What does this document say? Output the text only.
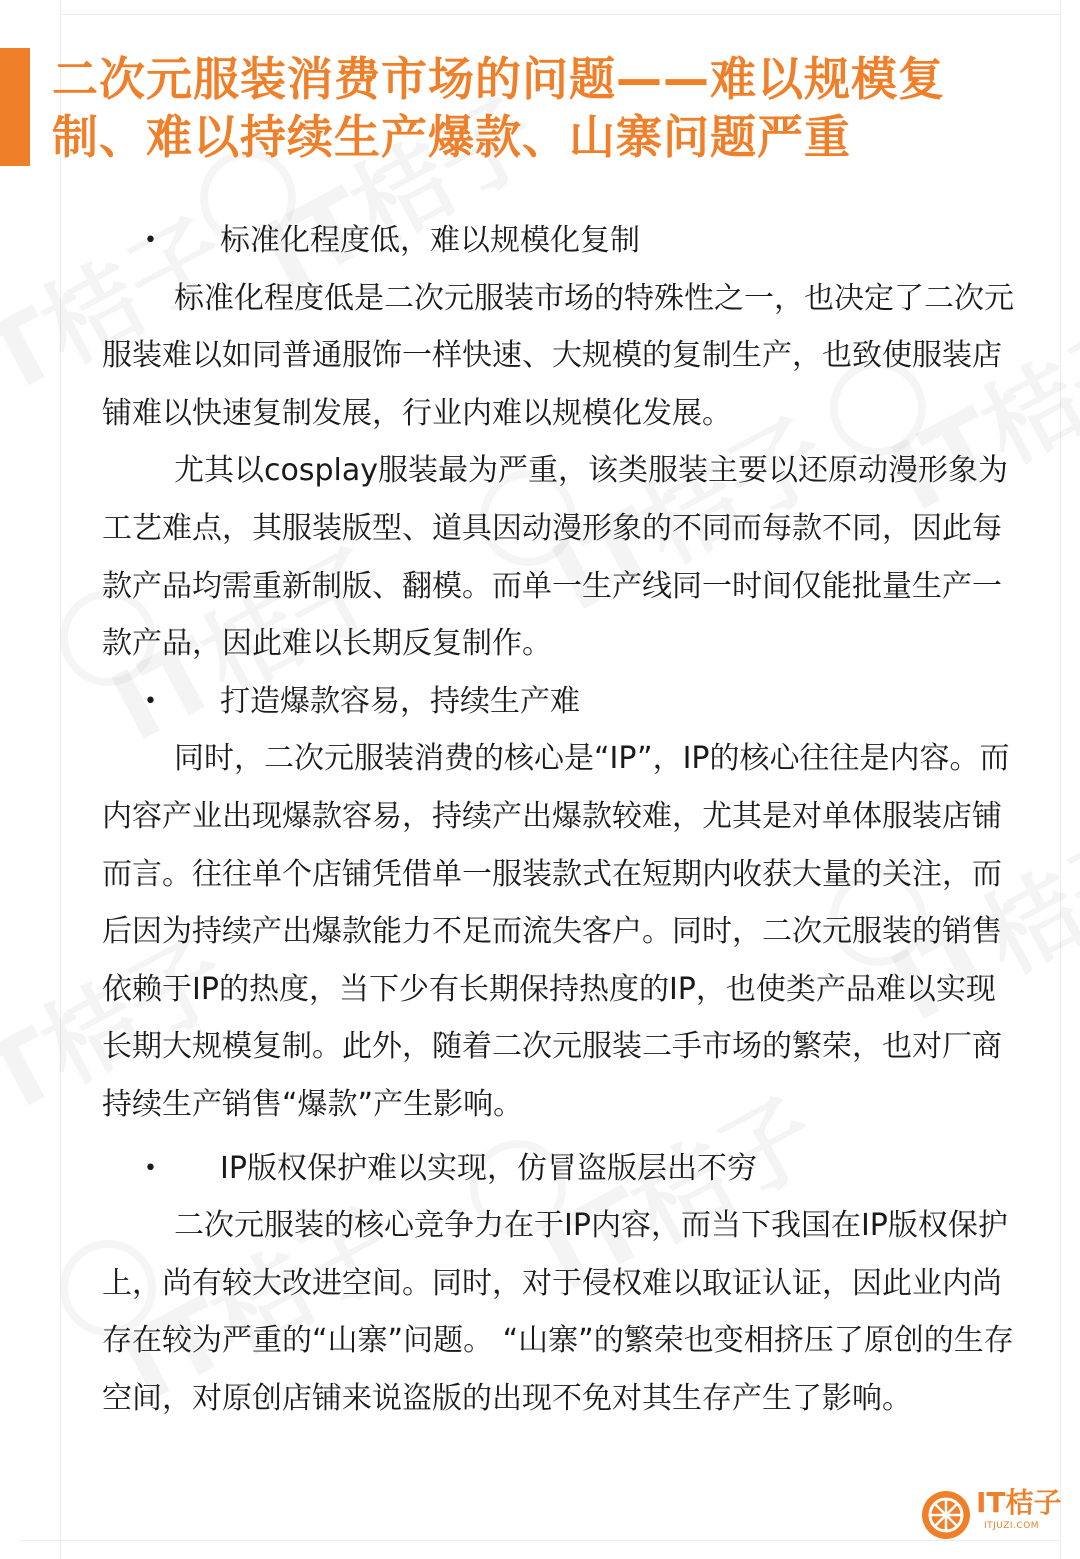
二次元服装消费市场的问题——难以规模复制、难以持续生产爆款、山寨问题严重
• 标准化程度低，难以规模化复制

标准化程度低是二次元服装市场的特殊性之一，也决定了二次元服装难以如同普通服饰一样快速、大规模的复制生产，也致使服装店铺难以快速复制发展，行业内难以规模化发展。

尤其以cosplay服装最为严重，该类服装主要以还原动漫形象为工艺难点，其服装版型、道具因动漫形象的不同而每款不同，因此每款产品均需重新制版、翻模。而单一生产线同一时间仅能批量生产一款产品，因此难以长期反复制作。

• 打造爆款容易，持续生产难

同时，二次元服装消费的核心是“IP”，IP的核心往往是内容。而内容产业出现爆款容易，持续产出爆款较难，尤其是对单体服装店铺而言。往往单个店铺凭借单一服装款式在短期内收获大量的关注，而后因为持续产出爆款能力不足而流失客户。同时，二次元服装的销售依赖于IP的热度，当下少有长期保持热度的IP，也使类产品难以实现长期大规模复制。此外，随着二次元服装二手市场的繁荣，也对厂商持续生产销售“爆款”产生影响。

• IP版权保护难以实现，仿冒盗版层出不穷

二次元服装的核心竞争力在于IP内容，而当下我国在IP版权保护上，尚有较大改进空间。同时，对于侵权难以取证认证，因此业内尚存在较为严重的“山寨”问题。 “山寨”的繁荣也变相挤压了原创的生存空间，对原创店铺来说盗版的出现不免对其生存产生了影响。

IT桔子
ITJUZI.COM
